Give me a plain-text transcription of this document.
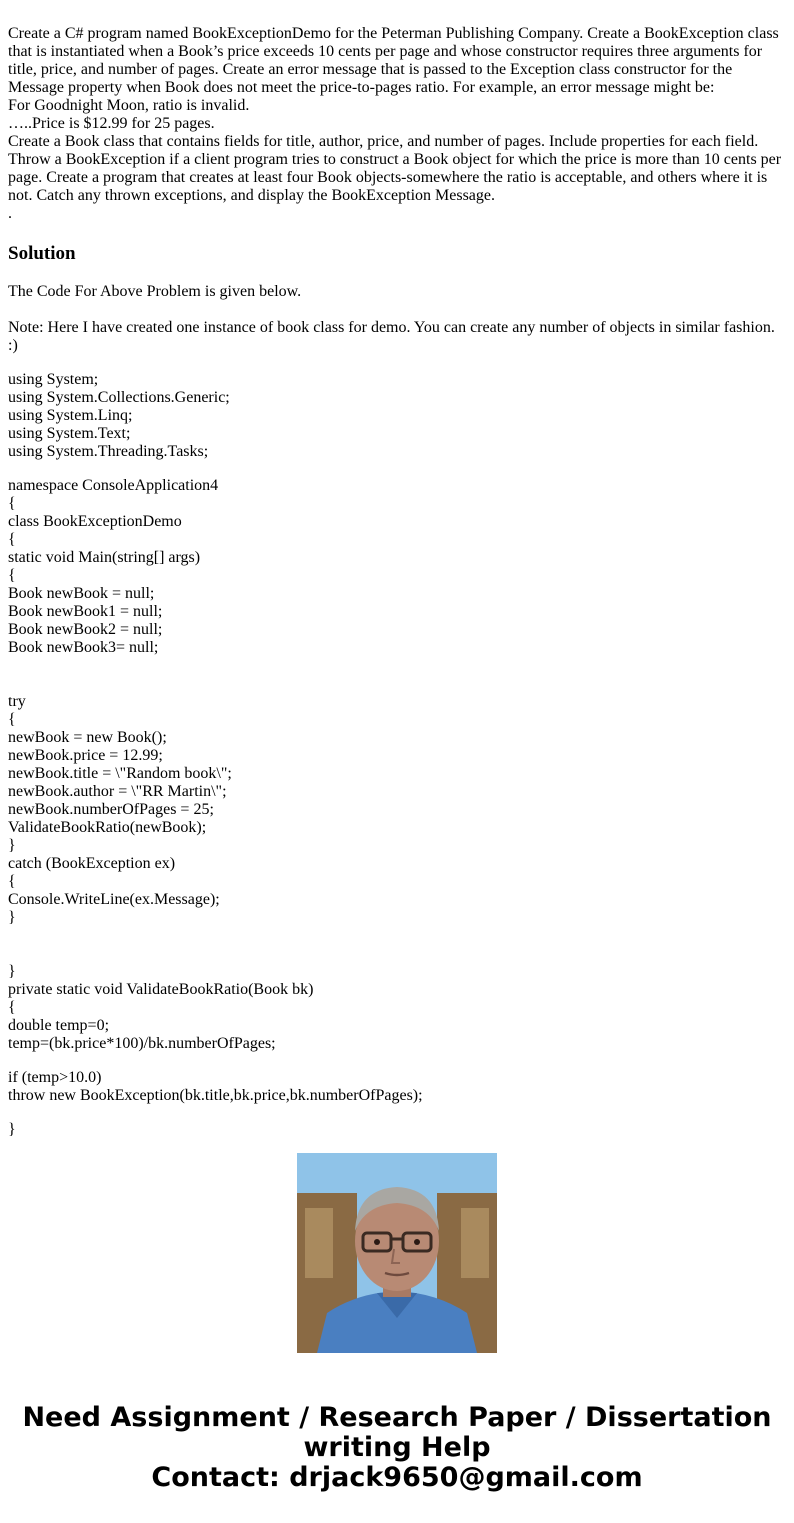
Create a C# program named BookExceptionDemo for the Peterman Publishing Company. Create a BookException class that is instantiated when a Book’s price exceeds 10 cents per page and whose constructor requires three arguments for title, price, and number of pages. Create an error message that is passed to the Exception class constructor for the Message property when Book does not meet the price-to-pages ratio. For example, an error message might be:

For Goodnight Moon, ratio is invalid.

…..Price is $12.99 for 25 pages.

Create a Book class that contains fields for title, author, price, and number of pages. Include properties for each field. Throw a BookException if a client program tries to construct a Book object for which the price is more than 10 cents per page. Create a program that creates at least four Book objects-somewhere the ratio is acceptable, and others where it is not. Catch any thrown exceptions, and display the BookException Message.

.

Solution

The Code For Above Problem is given below.

Note: Here I have created one instance of book class for demo. You can create any number of objects in similar fashion. :)

using System;
using System.Collections.Generic;
using System.Linq;
using System.Text;
using System.Threading.Tasks;
namespace ConsoleApplication4
{
class BookExceptionDemo
{
static void Main(string[] args)
{
Book newBook = null;
Book newBook1 = null;
Book newBook2 = null;
Book newBook3= null;
try
{
newBook = new Book();
newBook.price = 12.99;
newBook.title = \"Random book\";
newBook.author = \"RR Martin\";
newBook.numberOfPages = 25;
ValidateBookRatio(newBook);
}
catch (BookException ex)
{
Console.WriteLine(ex.Message);
}
}
private static void ValidateBookRatio(Book bk)
{
double temp=0;
temp=(bk.price*100)/bk.numberOfPages;
if (temp>10.0)
throw new BookException(bk.title,bk.price,bk.numberOfPages);
}
Need Assignment / Research Paper / Dissertation
writing Help
Contact: drjack9650@gmail.com
